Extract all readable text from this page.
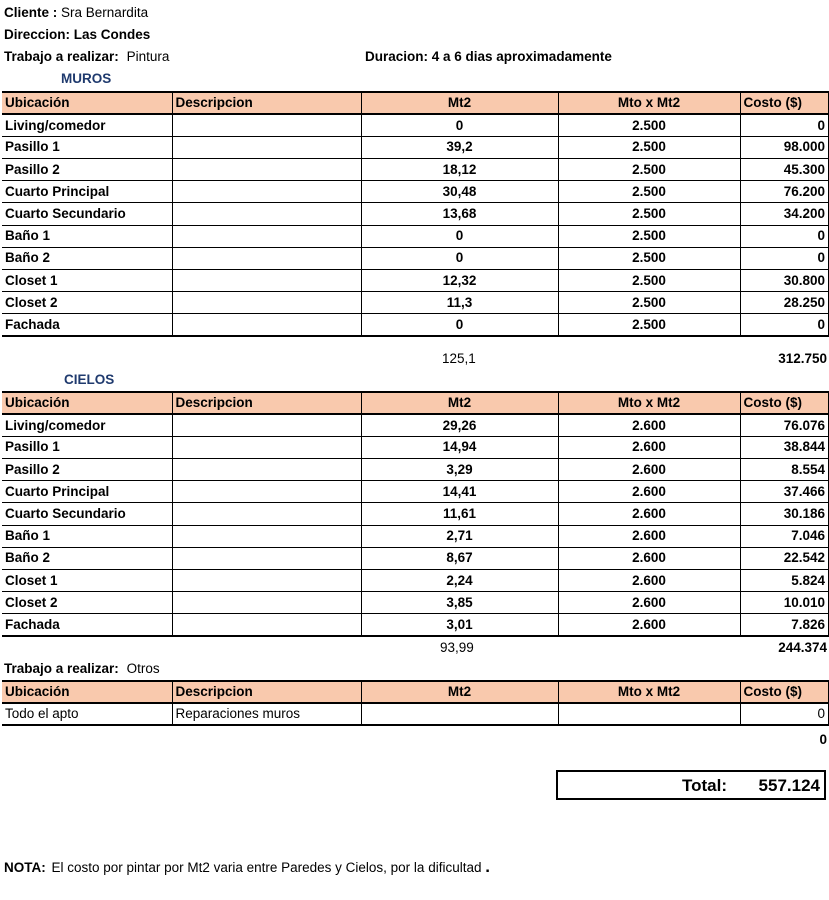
Cliente : Sra Bernardita
Direccion: Las Condes
Trabajo a realizar: Pintura	Duracion: 4 a 6 dias aproximadamente
MUROS
Ubicación	Descripcion	Mt2	Mto x Mt2	Costo ($)
Living/comedor		0	2.500	0
Pasillo 1		39,2	2.500	98.000
Pasillo 2		18,12	2.500	45.300
Cuarto Principal		30,48	2.500	76.200
Cuarto Secundario		13,68	2.500	34.200
Baño 1		0	2.500	0
Baño 2		0	2.500	0
Closet 1		12,32	2.500	30.800
Closet 2		11,3	2.500	28.250
Fachada		0	2.500	0
125,1	312.750
CIELOS
Ubicación	Descripcion	Mt2	Mto x Mt2	Costo ($)
Living/comedor		29,26	2.600	76.076
Pasillo 1		14,94	2.600	38.844
Pasillo 2		3,29	2.600	8.554
Cuarto Principal		14,41	2.600	37.466
Cuarto Secundario		11,61	2.600	30.186
Baño 1		2,71	2.600	7.046
Baño 2		8,67	2.600	22.542
Closet 1		2,24	2.600	5.824
Closet 2		3,85	2.600	10.010
Fachada		3,01	2.600	7.826
93,99	244.374
Trabajo a realizar: Otros
Ubicación	Descripcion	Mt2	Mto x Mt2	Costo ($)
Todo el apto	Reparaciones muros			0
0
Total: 557.124
NOTA: El costo por pintar por Mt2 varia entre Paredes y Cielos, por la dificultad .
